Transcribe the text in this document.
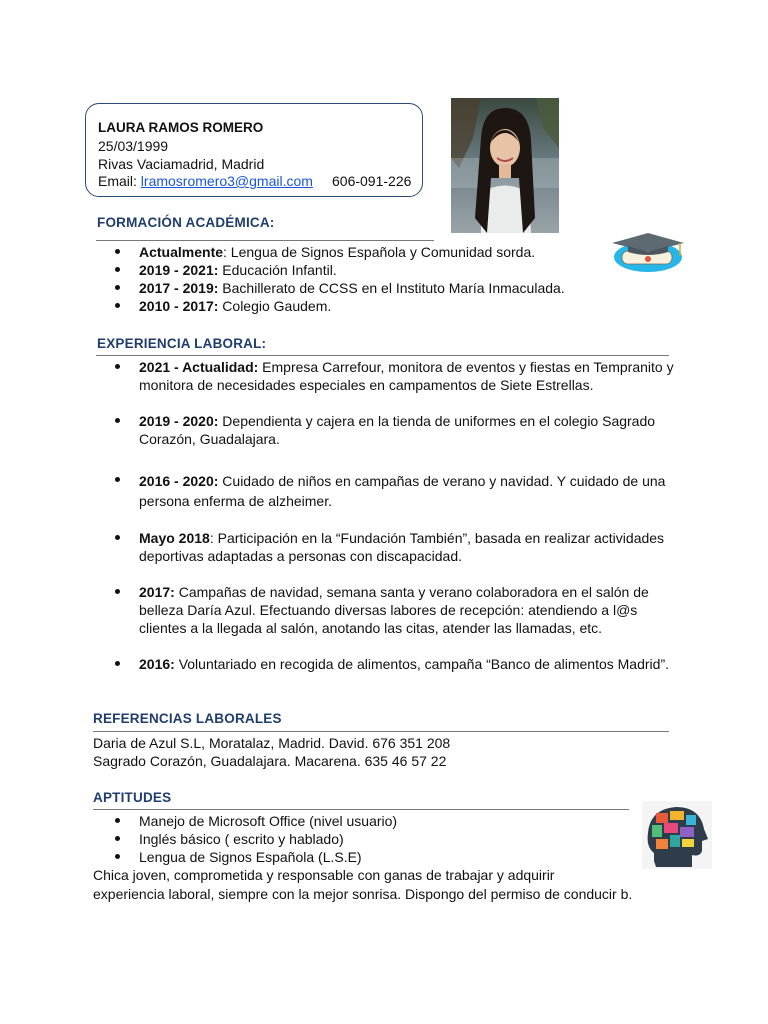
LAURA RAMOS ROMERO
25/03/1999
Rivas Vaciamadrid, Madrid
Email: lramosromero3@gmail.com 606-091-226
FORMACIÓN ACADÉMICA:
Actualmente: Lengua de Signos Española y Comunidad sorda.
2019 - 2021: Educación Infantil.
2017 - 2019: Bachillerato de CCSS en el Instituto María Inmaculada.
2010 - 2017: Colegio Gaudem.
EXPERIENCIA LABORAL:
2021 - Actualidad: Empresa Carrefour, monitora de eventos y fiestas en Tempranito y monitora de necesidades especiales en campamentos de Siete Estrellas.
2019 - 2020: Dependienta y cajera en la tienda de uniformes en el colegio Sagrado Corazón, Guadalajara.
2016 - 2020: Cuidado de niños en campañas de verano y navidad. Y cuidado de una persona enferma de alzheimer.
Mayo 2018: Participación en la “Fundación También”, basada en realizar actividades deportivas adaptadas a personas con discapacidad.
2017: Campañas de navidad, semana santa y verano colaboradora en el salón de belleza Daría Azul. Efectuando diversas labores de recepción: atendiendo a l@s clientes a la llegada al salón, anotando las citas, atender las llamadas, etc.
2016: Voluntariado en recogida de alimentos, campaña “Banco de alimentos Madrid”.
REFERENCIAS LABORALES
Daria de Azul S.L, Moratalaz, Madrid. David. 676 351 208
Sagrado Corazón, Guadalajara. Macarena. 635 46 57 22
APTITUDES
Manejo de Microsoft Office (nivel usuario)
Inglés básico ( escrito y hablado)
Lengua de Signos Española (L.S.E)
Chica joven, comprometida y responsable con ganas de trabajar y adquirir
experiencia laboral, siempre con la mejor sonrisa. Dispongo del permiso de conducir b.
